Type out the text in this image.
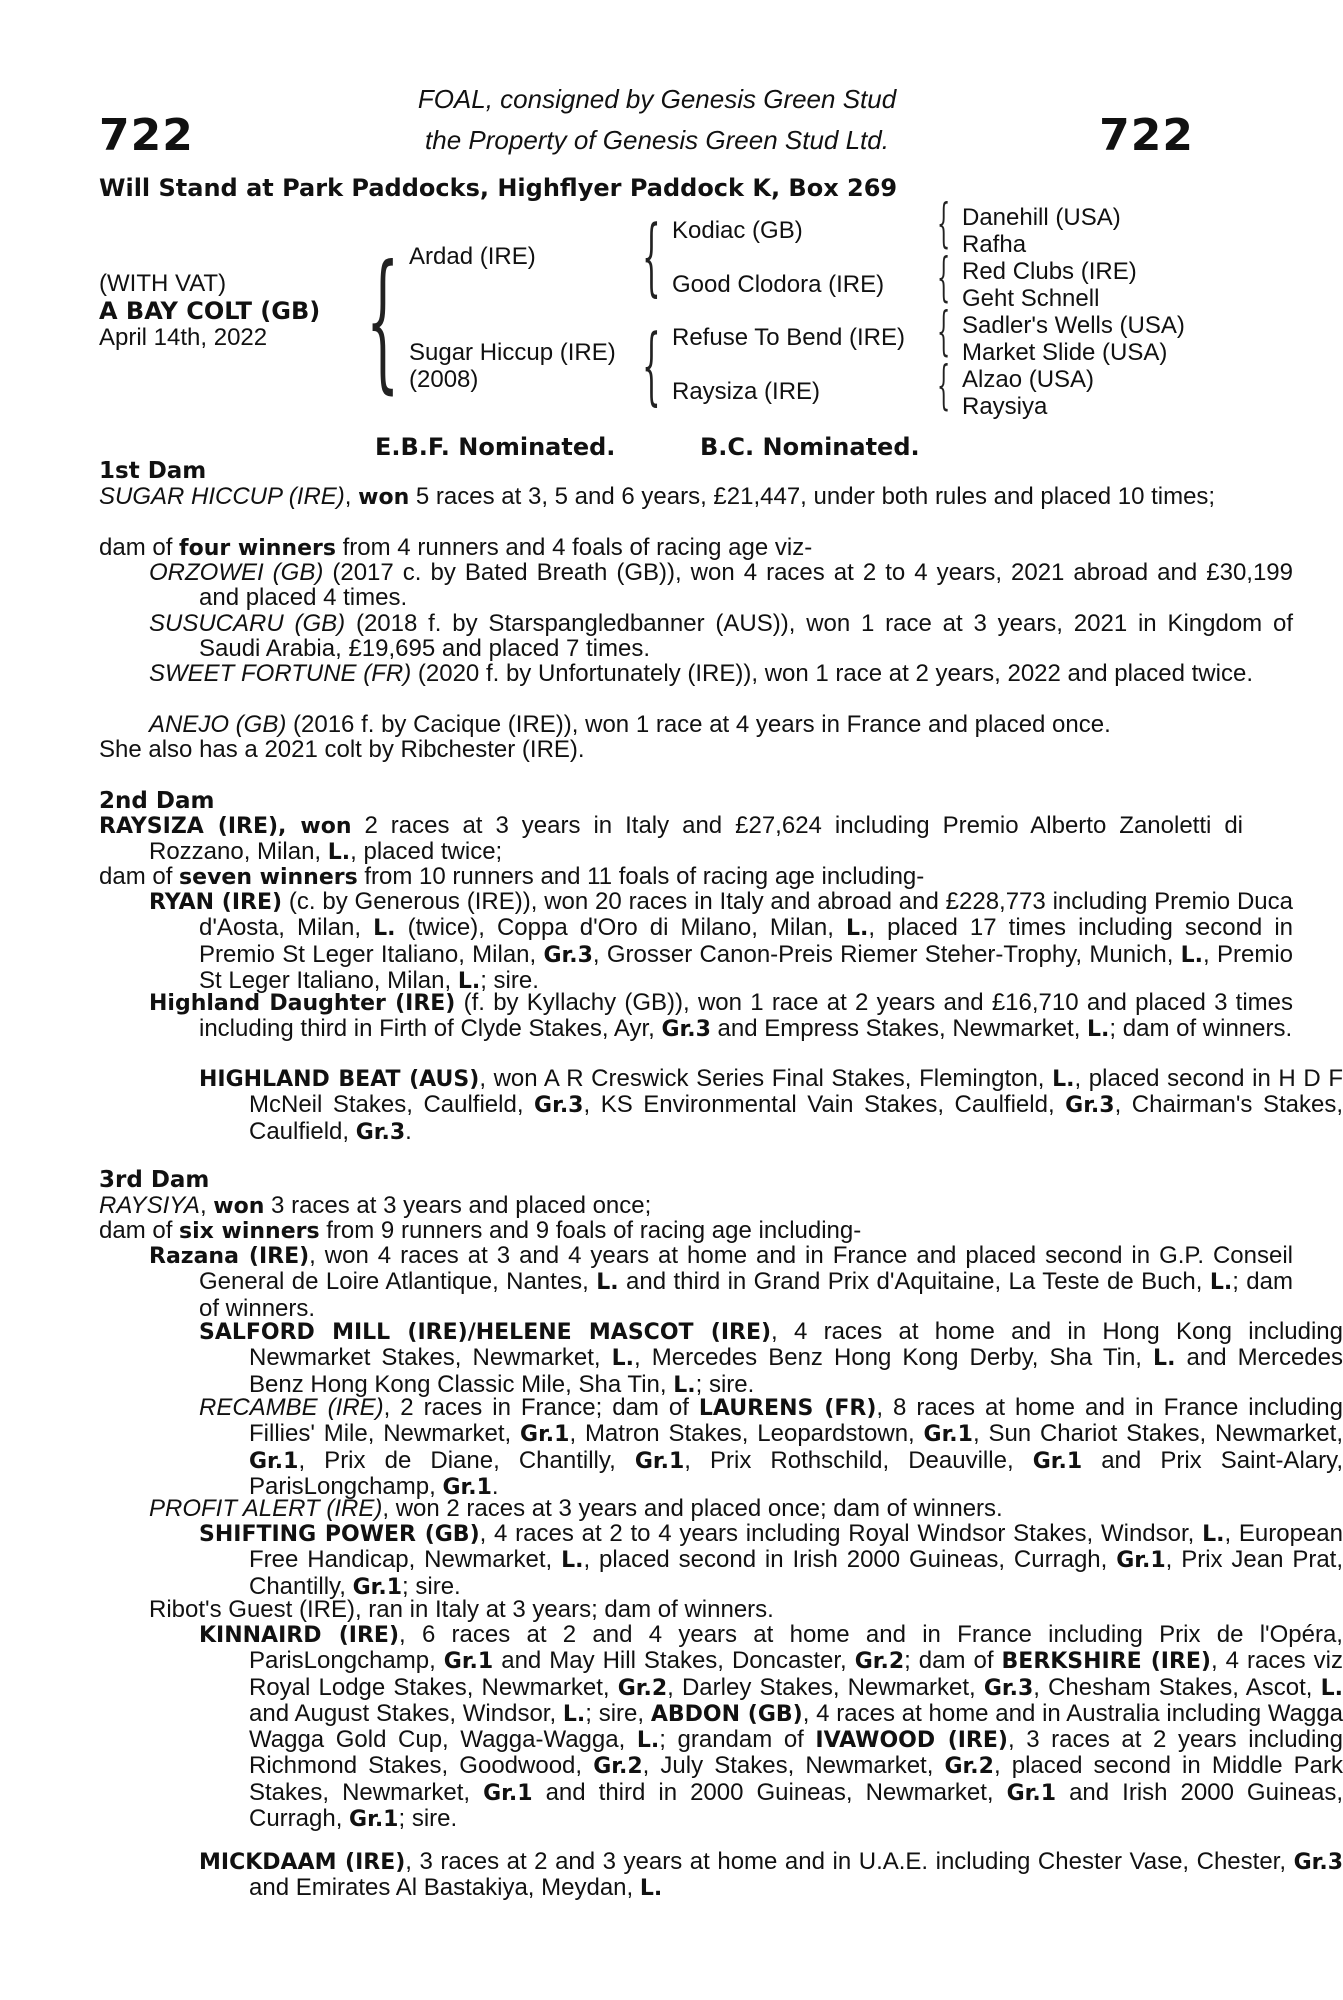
722	722
FOAL, consigned by Genesis Green Stud
the Property of Genesis Green Stud Ltd.
Will Stand at Park Paddocks, Highflyer Paddock K, Box 269
(WITH VAT)
A BAY COLT (GB)
April 14th, 2022 { Ardad (IRE)
Sugar Hiccup (IRE)
(2008)
{
{
Kodiac (GB)
Good Clodora (IRE)
Refuse To Bend (IRE)
Raysiza (IRE)
{
{
{
{
Danehill (USA)
Rafha
Red Clubs (IRE)
Geht Schnell
Sadler's Wells (USA)
Market Slide (USA)
Alzao (USA)
Raysiya
E.B.F. Nominated.	B.C. Nominated.
1st Dam
SUGAR HICCUP (IRE), won 5 races at 3, 5 and 6 years, £21,447, under both rules and placed 10 times;
dam of four winners from 4 runners and 4 foals of racing age viz-
ORZOWEI (GB) (2017 c. by Bated Breath (GB)), won 4 races at 2 to 4 years, 2021 abroad and £30,199 and placed 4 times.
SUSUCARU (GB) (2018 f. by Starspangledbanner (AUS)), won 1 race at 3 years, 2021 in Kingdom of Saudi Arabia, £19,695 and placed 7 times.
SWEET FORTUNE (FR) (2020 f. by Unfortunately (IRE)), won 1 race at 2 years, 2022 and placed twice.
ANEJO (GB) (2016 f. by Cacique (IRE)), won 1 race at 4 years in France and placed once.
She also has a 2021 colt by Ribchester (IRE).
2nd Dam
RAYSIZA (IRE), won 2 races at 3 years in Italy and £27,624 including Premio Alberto Zanoletti di Rozzano, Milan, L., placed twice;
dam of seven winners from 10 runners and 11 foals of racing age including-
RYAN (IRE) (c. by Generous (IRE)), won 20 races in Italy and abroad and £228,773 including Premio Duca d'Aosta, Milan, L. (twice), Coppa d'Oro di Milano, Milan, L., placed 17 times including second in Premio St Leger Italiano, Milan, Gr.3, Grosser Canon-Preis Riemer Steher-Trophy, Munich, L., Premio St Leger Italiano, Milan, L.; sire.
Highland Daughter (IRE) (f. by Kyllachy (GB)), won 1 race at 2 years and £16,710 and placed 3 times including third in Firth of Clyde Stakes, Ayr, Gr.3 and Empress Stakes, Newmarket, L.; dam of winners.
HIGHLAND BEAT (AUS), won A R Creswick Series Final Stakes, Flemington, L., placed second in H D F McNeil Stakes, Caulfield, Gr.3, KS Environmental Vain Stakes, Caulfield, Gr.3, Chairman's Stakes, Caulfield, Gr.3.
3rd Dam
RAYSIYA, won 3 races at 3 years and placed once;
dam of six winners from 9 runners and 9 foals of racing age including-
Razana (IRE), won 4 races at 3 and 4 years at home and in France and placed second in G.P. Conseil General de Loire Atlantique, Nantes, L. and third in Grand Prix d'Aquitaine, La Teste de Buch, L.; dam of winners.
SALFORD MILL (IRE)/HELENE MASCOT (IRE), 4 races at home and in Hong Kong including Newmarket Stakes, Newmarket, L., Mercedes Benz Hong Kong Derby, Sha Tin, L. and Mercedes Benz Hong Kong Classic Mile, Sha Tin, L.; sire.
RECAMBE (IRE), 2 races in France; dam of LAURENS (FR), 8 races at home and in France including Fillies' Mile, Newmarket, Gr.1, Matron Stakes, Leopardstown, Gr.1, Sun Chariot Stakes, Newmarket, Gr.1, Prix de Diane, Chantilly, Gr.1, Prix Rothschild, Deauville, Gr.1 and Prix Saint-Alary, ParisLongchamp, Gr.1.
PROFIT ALERT (IRE), won 2 races at 3 years and placed once; dam of winners.
SHIFTING POWER (GB), 4 races at 2 to 4 years including Royal Windsor Stakes, Windsor, L., European Free Handicap, Newmarket, L., placed second in Irish 2000 Guineas, Curragh, Gr.1, Prix Jean Prat, Chantilly, Gr.1; sire.
Ribot's Guest (IRE), ran in Italy at 3 years; dam of winners.
KINNAIRD (IRE), 6 races at 2 and 4 years at home and in France including Prix de l'Opéra, ParisLongchamp, Gr.1 and May Hill Stakes, Doncaster, Gr.2; dam of BERKSHIRE (IRE), 4 races viz Royal Lodge Stakes, Newmarket, Gr.2, Darley Stakes, Newmarket, Gr.3, Chesham Stakes, Ascot, L. and August Stakes, Windsor, L.; sire, ABDON (GB), 4 races at home and in Australia including Wagga Wagga Gold Cup, Wagga-Wagga, L.; grandam of IVAWOOD (IRE), 3 races at 2 years including Richmond Stakes, Goodwood, Gr.2, July Stakes, Newmarket, Gr.2, placed second in Middle Park Stakes, Newmarket, Gr.1 and third in 2000 Guineas, Newmarket, Gr.1 and Irish 2000 Guineas, Curragh, Gr.1; sire.
MICKDAAM (IRE), 3 races at 2 and 3 years at home and in U.A.E. including Chester Vase, Chester, Gr.3 and Emirates Al Bastakiya, Meydan, L.
